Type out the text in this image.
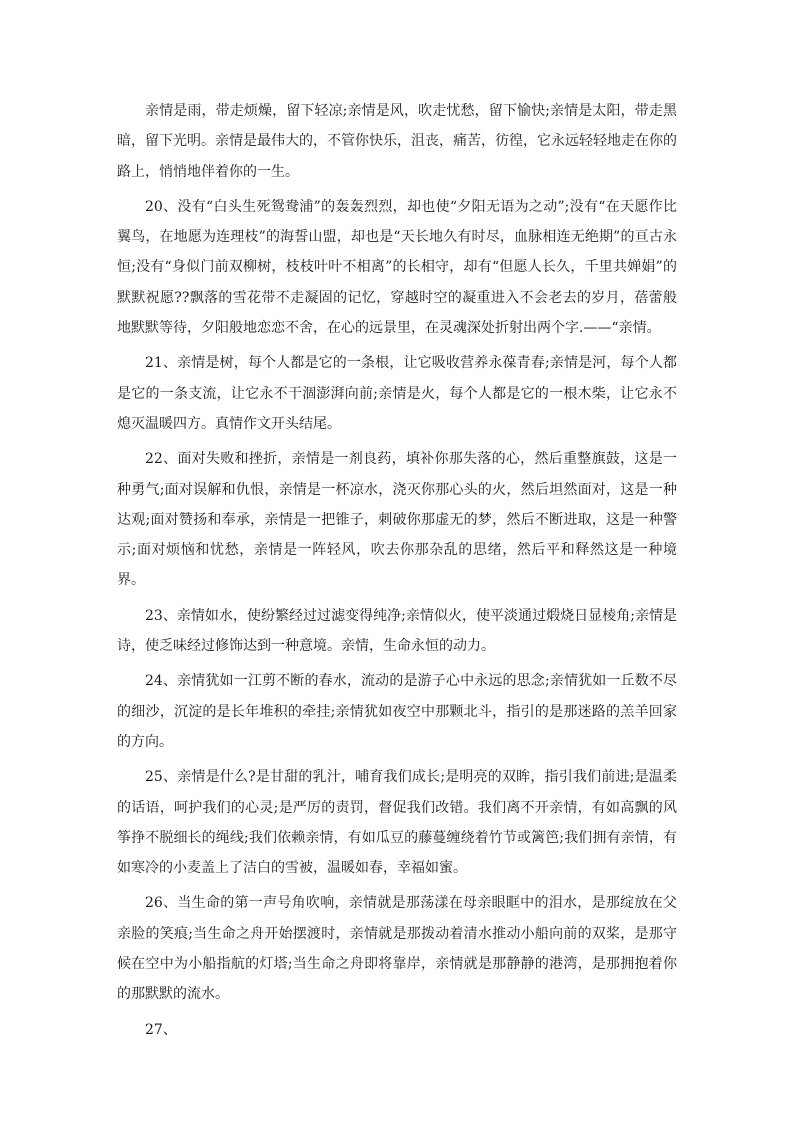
亲情是雨，带走烦燥，留下轻凉;亲情是风，吹走忧愁，留下愉快;亲情是太阳，带走黑暗，留下光明。亲情是最伟大的，不管你快乐，沮丧，痛苦，彷徨，它永远轻轻地走在你的路上，悄悄地伴着你的一生。

20、没有“白头生死鸳鸯浦”的轰轰烈烈，却也使“夕阳无语为之动”;没有“在天愿作比翼鸟，在地愿为连理枝”的海誓山盟，却也是“天长地久有时尽，血脉相连无绝期”的亘古永恒;没有“身似门前双柳树，枝枝叶叶不相离”的长相守，却有“但愿人长久，千里共婵娟”的默默祝愿??飘落的雪花带不走凝固的记忆，穿越时空的凝重进入不会老去的岁月，蓓蕾般地默默等待，夕阳般地恋恋不舍，在心的远景里，在灵魂深处折射出两个字.——“亲情。

21、亲情是树，每个人都是它的一条根，让它吸收营养永葆青春;亲情是河，每个人都是它的一条支流，让它永不干涸澎湃向前;亲情是火，每个人都是它的一根木柴，让它永不熄灭温暖四方。真情作文开头结尾。

22、面对失败和挫折，亲情是一剂良药，填补你那失落的心，然后重整旗鼓，这是一种勇气;面对误解和仇恨，亲情是一杯凉水，浇灭你那心头的火，然后坦然面对，这是一种达观;面对赞扬和奉承，亲情是一把锥子，刺破你那虚无的梦，然后不断进取，这是一种警示;面对烦恼和忧愁，亲情是一阵轻风，吹去你那杂乱的思绪，然后平和释然这是一种境界。

23、亲情如水，使纷繁经过过滤变得纯净;亲情似火，使平淡通过煅烧日显棱角;亲情是诗，使乏味经过修饰达到一种意境。亲情，生命永恒的动力。

24、亲情犹如一江剪不断的春水，流动的是游子心中永远的思念;亲情犹如一丘数不尽的细沙，沉淀的是长年堆积的牵挂;亲情犹如夜空中那颗北斗，指引的是那迷路的羔羊回家的方向。

25、亲情是什么?是甘甜的乳汁，哺育我们成长;是明亮的双眸，指引我们前进;是温柔的话语，呵护我们的心灵;是严厉的责罚，督促我们改错。我们离不开亲情，有如高飘的风筝挣不脱细长的绳线;我们依赖亲情，有如瓜豆的藤蔓缠绕着竹节或篱笆;我们拥有亲情，有如寒冷的小麦盖上了洁白的雪被，温暖如春，幸福如蜜。

26、当生命的第一声号角吹响，亲情就是那荡漾在母亲眼眶中的泪水，是那绽放在父亲脸的笑痕;当生命之舟开始摆渡时，亲情就是那拨动着清水推动小船向前的双桨，是那守候在空中为小船指航的灯塔;当生命之舟即将靠岸，亲情就是那静静的港湾，是那拥抱着你的那默默的流水。

27、
